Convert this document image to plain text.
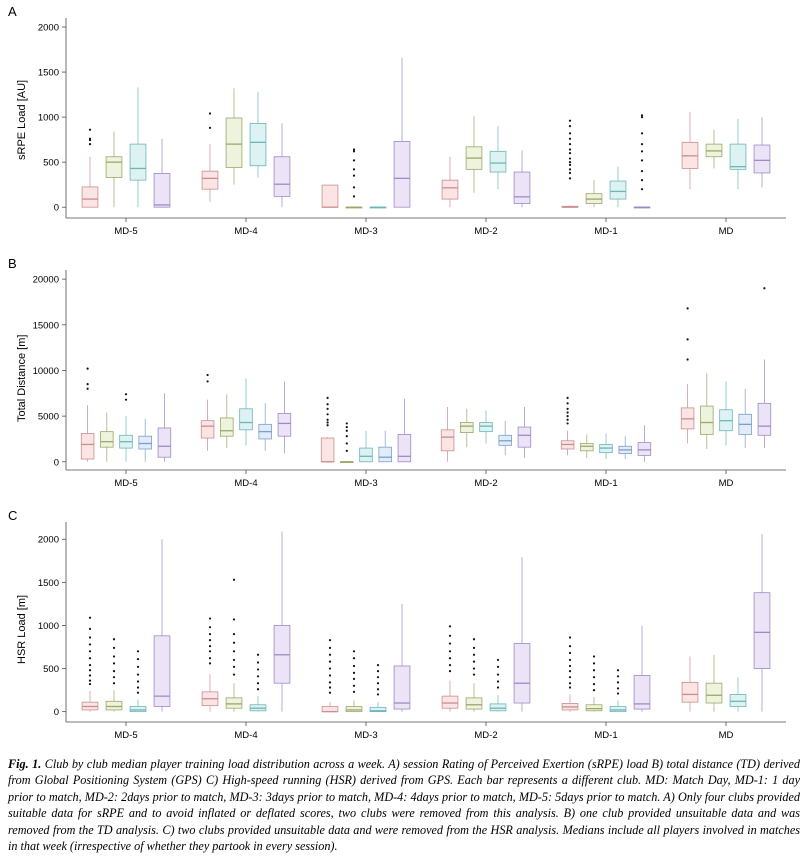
A
sRPE Load [AU]
0
500
1000
1500
2000
MD-5	MD-4	MD-3	MD-2	MD-1	MD
B
Total Distance [m]
0
5000
10000
15000
20000
MD-5	MD-4	MD-3	MD-2	MD-1	MD
C
HSR Load [m]
0
500
1000
1500
2000
MD-5	MD-4	MD-3	MD-2	MD-1	MD
Fig. 1. Club by club median player training load distribution across a week. A) session Rating of Perceived Exertion (sRPE) load B) total distance (TD) derived from Global Positioning System (GPS) C) High-speed running (HSR) derived from GPS. Each bar represents a different club. MD: Match Day, MD-1: 1 day prior to match, MD-2: 2days prior to match, MD-3: 3days prior to match, MD-4: 4days prior to match, MD-5: 5days prior to match. A) Only four clubs provided suitable data for sRPE and to avoid inflated or deflated scores, two clubs were removed from this analysis. B) one club provided unsuitable data and was removed from the TD analysis. C) two clubs provided unsuitable data and were removed from the HSR analysis. Medians include all players involved in matches in that week (irrespective of whether they partook in every session).
